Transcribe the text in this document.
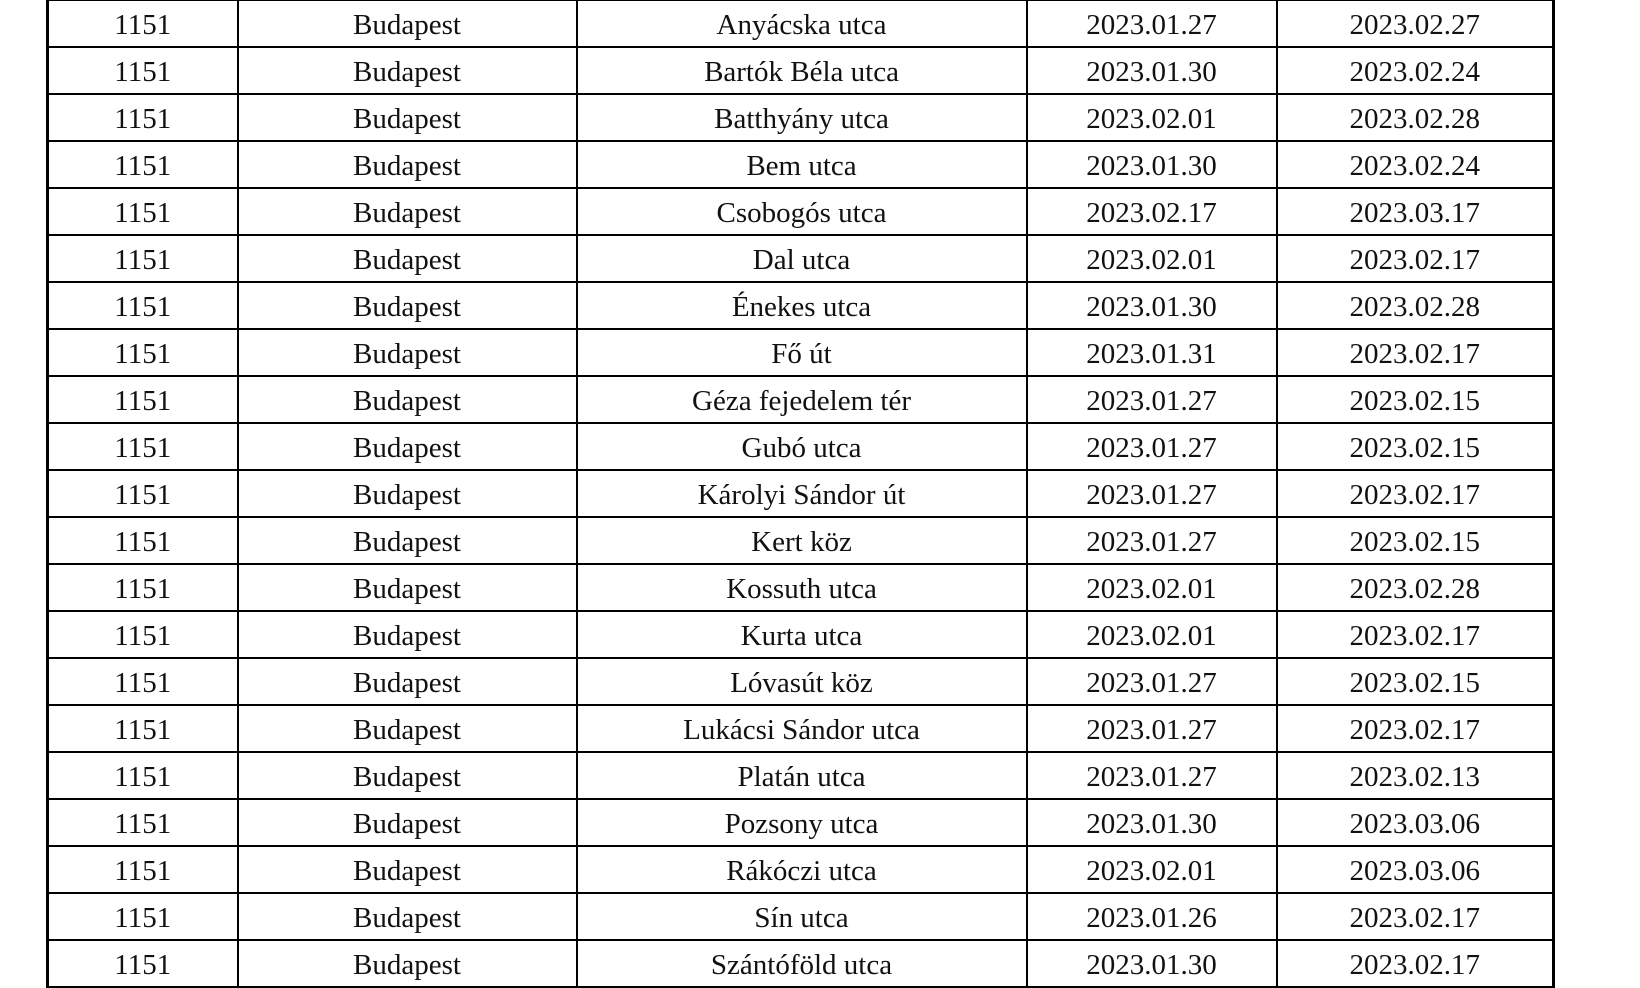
1151	Budapest	Anyácska utca	2023.01.27	2023.02.27
1151	Budapest	Bartók Béla utca	2023.01.30	2023.02.24
1151	Budapest	Batthyány utca	2023.02.01	2023.02.28
1151	Budapest	Bem utca	2023.01.30	2023.02.24
1151	Budapest	Csobogós utca	2023.02.17	2023.03.17
1151	Budapest	Dal utca	2023.02.01	2023.02.17
1151	Budapest	Énekes utca	2023.01.30	2023.02.28
1151	Budapest	Fő út	2023.01.31	2023.02.17
1151	Budapest	Géza fejedelem tér	2023.01.27	2023.02.15
1151	Budapest	Gubó utca	2023.01.27	2023.02.15
1151	Budapest	Károlyi Sándor út	2023.01.27	2023.02.17
1151	Budapest	Kert köz	2023.01.27	2023.02.15
1151	Budapest	Kossuth utca	2023.02.01	2023.02.28
1151	Budapest	Kurta utca	2023.02.01	2023.02.17
1151	Budapest	Lóvasút köz	2023.01.27	2023.02.15
1151	Budapest	Lukácsi Sándor utca	2023.01.27	2023.02.17
1151	Budapest	Platán utca	2023.01.27	2023.02.13
1151	Budapest	Pozsony utca	2023.01.30	2023.03.06
1151	Budapest	Rákóczi utca	2023.02.01	2023.03.06
1151	Budapest	Sín utca	2023.01.26	2023.02.17
1151	Budapest	Szántóföld utca	2023.01.30	2023.02.17
